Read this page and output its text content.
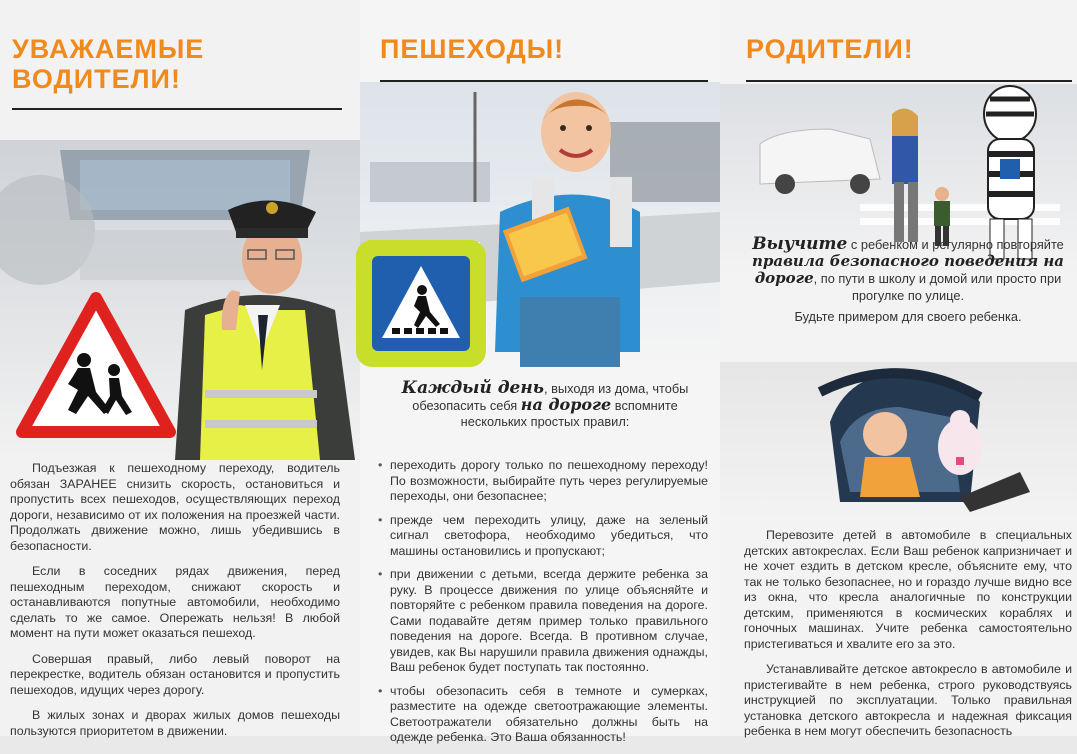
УВАЖАЕМЫЕ
ВОДИТЕЛИ!

Подъезжая к пешеходному переходу, водитель обязан ЗАРАНЕЕ снизить скорость, остановиться и пропустить всех пешеходов, осуществляющих переход дороги, независимо от их положения на проезжей части. Продолжать движение можно, лишь убедившись в безопасности.

Если в соседних рядах движения, перед пешеходным переходом, снижают скорость и останавливаются попутные автомобили, необходимо сделать то же самое. Опережать нельзя! В любой момент на пути может оказаться пешеход.

Совершая правый, либо левый поворот на перекрестке, водитель обязан остановится и пропустить пешеходов, идущих через дорогу.

В жилых зонах и дворах жилых домов пешеходы пользуются приоритетом в движении.

ПЕШЕХОДЫ!
Каждый день, выходя из дома, чтобы обезопасить себя на дороге вспомните нескольких простых правил:
• переходить дорогу только по пешеходному переходу! По возможности, выбирайте путь через регулируемые переходы, они безопаснее;
• прежде чем переходить улицу, даже на зеленый сигнал светофора, необходимо убедиться, что машины остановились и пропускают;
• при движении с детьми, всегда держите ребенка за руку. В процессе движения по улице объясняйте и повторяйте с ребенком правила поведения на дороге. Сами подавайте детям пример только правильного поведения на дороге. Всегда. В противном случае, увидев, как Вы нарушили правила движения однажды, Ваш ребенок будет поступать так постоянно.
• чтобы обезопасить себя в темноте и сумерках, разместите на одежде светоотражающие элементы. Светоотражатели обязательно должны быть на одежде ребенка. Это Ваша обязанность!
РОДИТЕЛИ!
Выучите с ребенком и регулярно повторяйте правила безопасного поведения на дороге, по пути в школу и домой или просто при прогулке по улице.
Будьте примером для своего ребенка.

Перевозите детей в автомобиле в специальных детских автокреслах. Если Ваш ребенок капризничает и не хочет ездить в детском кресле, объясните ему, что так не только безопаснее, но и гораздо лучше видно все из окна, что кресла аналогичные по конструкции детским, применяются в космических кораблях и гоночных машинах. Учите ребенка самостоятельно пристегиваться и хвалите его за это.

Устанавливайте детское автокресло в автомобиле и пристегивайте в нем ребенка, строго руководствуясь инструкцией по эксплуатации. Только правильная установка детского автокресла и надежная фиксация ребенка в нем могут обеспечить безопасность
